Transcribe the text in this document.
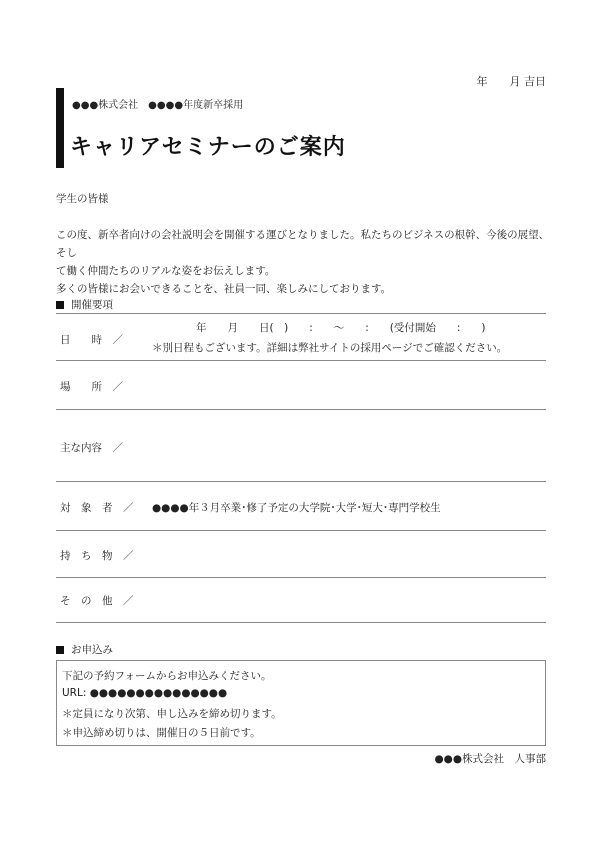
年　　月 吉日
●●●株式会社　●●●●年度新卒採用
キャリアセミナーのご案内
学生の皆様
この度、新卒者向けの会社説明会を開催する運びとなりました。私たちのビジネスの根幹、今後の展望、そし
て働く仲間たちのリアルな姿をお伝えします。
多くの皆様にお会いできることを、社員一同、楽しみにしております。
開催要項
日　　時　／
年　　月　　日(　)　　:　　〜　　:　　(受付開始　　:　　)
＊別日程もございます。詳細は弊社サイトの採用ページでご確認ください。
場　　所　／
主な内容　／
対　象　者　／ ●●●●年３月卒業･修了予定の大学院･大学･短大･専門学校生
持　ち　物　／
そ　の　他　／
お申込み
下記の予約フォームからお申込みください。
URL: ●●●●●●●●●●●●●●●
＊定員になり次第、申し込みを締め切ります。
＊申込締め切りは、開催日の５日前です。
●●●株式会社　人事部
